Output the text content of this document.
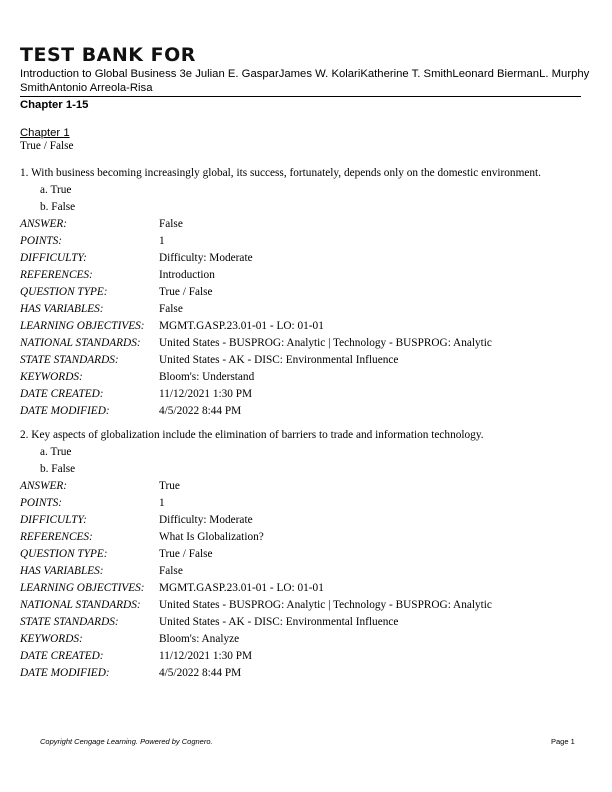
TEST BANK FOR
Introduction to Global Business 3e Julian E. GasparJames W. KolariKatherine T. SmithLeonard BiermanL. Murphy SmithAntonio Arreola-Risa
Chapter 1-15
Chapter 1
True / False
1. With business becoming increasingly global, its success, fortunately, depends only on the domestic environment.
a. True
b. False
ANSWER:	False
POINTS:	1
DIFFICULTY:	Difficulty: Moderate
REFERENCES:	Introduction
QUESTION TYPE:	True / False
HAS VARIABLES:	False
LEARNING OBJECTIVES:	MGMT.GASP.23.01-01 - LO: 01-01
NATIONAL STANDARDS:	United States - BUSPROG: Analytic | Technology - BUSPROG: Analytic
STATE STANDARDS:	United States - AK - DISC: Environmental Influence
KEYWORDS:	Bloom's: Understand
DATE CREATED:	11/12/2021 1:30 PM
DATE MODIFIED:	4/5/2022 8:44 PM
2. Key aspects of globalization include the elimination of barriers to trade and information technology.
a. True
b. False
ANSWER:	True
POINTS:	1
DIFFICULTY:	Difficulty: Moderate
REFERENCES:	What Is Globalization?
QUESTION TYPE:	True / False
HAS VARIABLES:	False
LEARNING OBJECTIVES:	MGMT.GASP.23.01-01 - LO: 01-01
NATIONAL STANDARDS:	United States - BUSPROG: Analytic | Technology - BUSPROG: Analytic
STATE STANDARDS:	United States - AK - DISC: Environmental Influence
KEYWORDS:	Bloom's: Analyze
DATE CREATED:	11/12/2021 1:30 PM
DATE MODIFIED:	4/5/2022 8:44 PM
Copyright Cengage Learning. Powered by Cognero.	Page 1
